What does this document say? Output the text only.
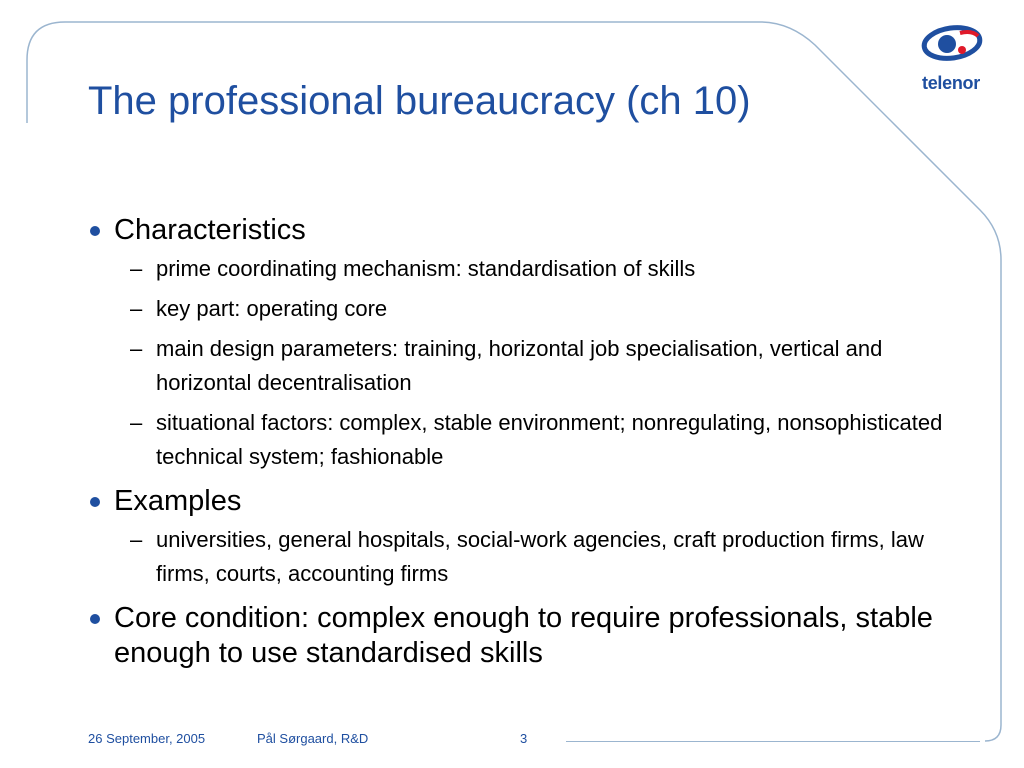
telenor
The professional bureaucracy (ch 10)
Characteristics
– prime coordinating mechanism: standardisation of skills
– key part: operating core
– main design parameters: training, horizontal job specialisation, vertical and horizontal decentralisation
– situational factors: complex, stable environment; nonregulating, nonsophisticated technical system; fashionable
Examples
– universities, general hospitals, social-work agencies, craft production firms, law firms, courts, accounting firms
Core condition: complex enough to require professionals, stable enough to use standardised skills
26 September, 2005	Pål Sørgaard, R&D	3
